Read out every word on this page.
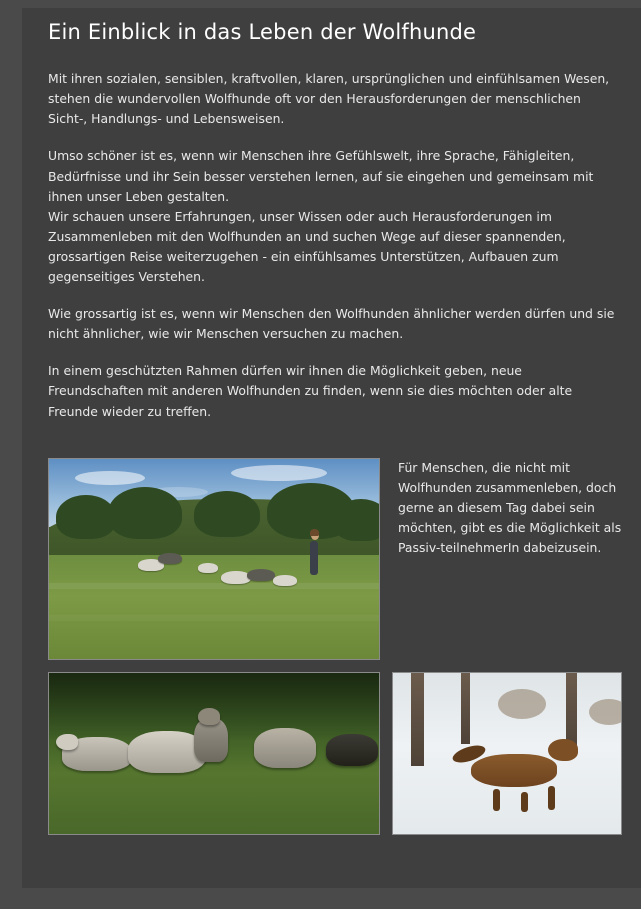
Ein Einblick in das Leben der Wolfhunde

Mit ihren sozialen, sensiblen, kraftvollen, klaren, ursprünglichen und einfühlsamen Wesen, stehen die wundervollen Wolfhunde oft vor den Herausforderungen der menschlichen Sicht-, Handlungs- und Lebensweisen.

Umso schöner ist es, wenn wir Menschen ihre Gefühlswelt, ihre Sprache, Fähigleiten, Bedürfnisse und ihr Sein besser verstehen lernen, auf sie eingehen und gemeinsam mit ihnen unser Leben gestalten.

Wir schauen unsere Erfahrungen, unser Wissen oder auch Herausforderungen im Zusammenleben mit den Wolfhunden an und suchen Wege auf dieser spannenden, grossartigen Reise weiterzugehen - ein einfühlsames Unterstützen, Aufbauen zum gegenseitiges Verstehen.

Wie grossartig ist es, wenn wir Menschen den Wolfhunden ähnlicher werden dürfen und sie nicht ähnlicher, wie wir Menschen versuchen zu machen.

In einem geschützten Rahmen dürfen wir ihnen die Möglichkeit geben, neue Freundschaften mit anderen Wolfhunden zu finden, wenn sie dies möchten oder alte Freunde wieder zu treffen.

Für Menschen, die nicht mit Wolfhunden zusammenleben, doch gerne an diesem Tag dabei sein möchten, gibt es die Möglichkeit als Passiv-teilnehmerIn dabeizusein.
